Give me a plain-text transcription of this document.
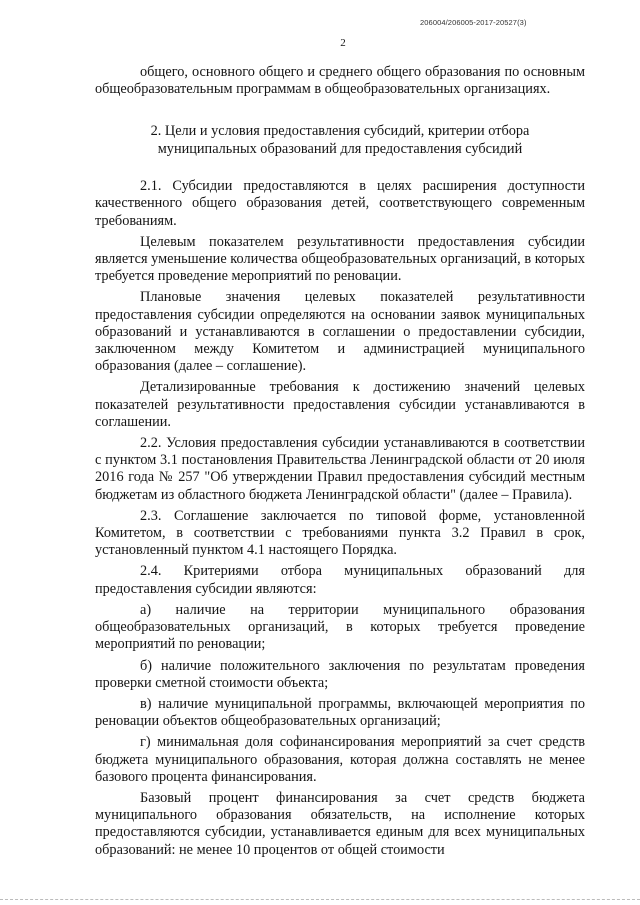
206004/206005-2017-20527(3)
2

общего, основного общего и среднего общего образования по основным общеобразовательным программам в общеобразовательных организациях.

2. Цели и условия предоставления субсидий, критерии отбора муниципальных образований для предоставления субсидий

2.1. Субсидии предоставляются в целях расширения доступности качественного общего образования детей, соответствующего современным требованиям.

Целевым показателем результативности предоставления субсидии является уменьшение количества общеобразовательных организаций, в которых требуется проведение мероприятий по реновации.

Плановые значения целевых показателей результативности предоставления субсидии определяются на основании заявок муниципальных образований и устанавливаются в соглашении о предоставлении субсидии, заключенном между Комитетом и администрацией муниципального образования (далее – соглашение).

Детализированные требования к достижению значений целевых показателей результативности предоставления субсидии устанавливаются в соглашении.

2.2. Условия предоставления субсидии устанавливаются в соответствии с пунктом 3.1 постановления Правительства Ленинградской области от 20 июля 2016 года № 257 "Об утверждении Правил предоставления субсидий местным бюджетам из областного бюджета Ленинградской области" (далее – Правила).

2.3. Соглашение заключается по типовой форме, установленной Комитетом, в соответствии с требованиями пункта 3.2 Правил в срок, установленный пунктом 4.1 настоящего Порядка.

2.4. Критериями отбора муниципальных образований для предоставления субсидии являются:

а) наличие на территории муниципального образования общеобразовательных организаций, в которых требуется проведение мероприятий по реновации;

б) наличие положительного заключения по результатам проведения проверки сметной стоимости объекта;

в) наличие муниципальной программы, включающей мероприятия по реновации объектов общеобразовательных организаций;

г) минимальная доля софинансирования мероприятий за счет средств бюджета муниципального образования, которая должна составлять не менее базового процента финансирования.

Базовый процент финансирования за счет средств бюджета муниципального образования обязательств, на исполнение которых предоставляются субсидии, устанавливается единым для всех муниципальных образований: не менее 10 процентов от общей стоимости
